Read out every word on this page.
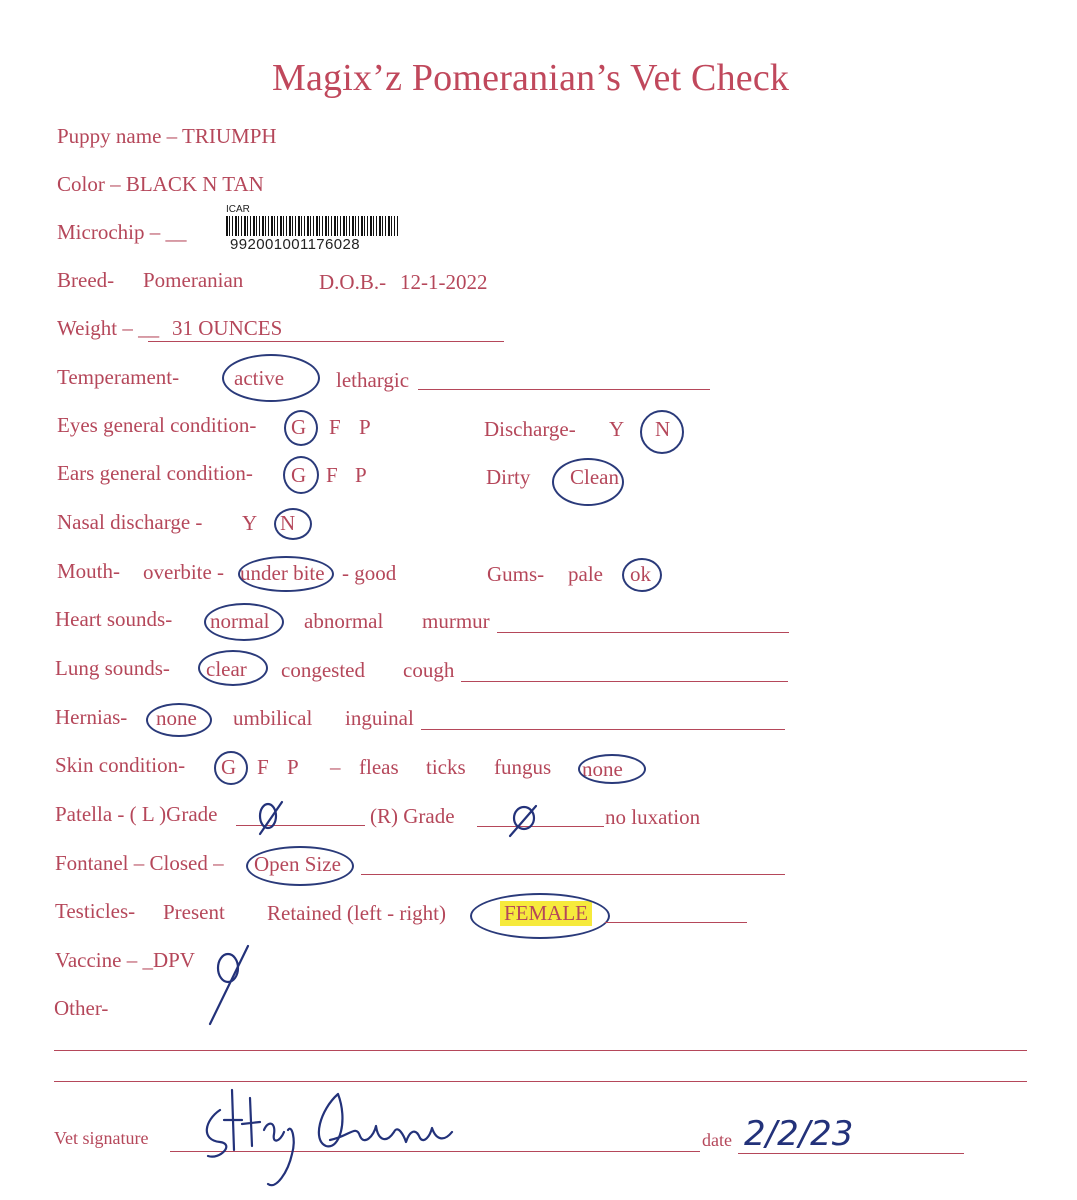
Magix’z Pomeranian’s Vet Check
Puppy name – TRIUMPH
Color – BLACK N TAN
Microchip – __
ICAR
992001001176028
Breed- Pomeranian	D.O.B.- 12-1-2022
Weight – __ 31 OUNCES
Temperament-	active lethargic
Eyes general condition- G F P	Discharge- Y N
Ears general condition- G F P	Dirty Clean
Nasal discharge - Y N
Mouth- overbite - under bite - good	Gums- pale ok
Heart sounds- normal abnormal murmur
Lung sounds- clear congested cough
Hernias- none umbilical inguinal
Skin condition- G F P – fleas ticks fungus none
Patella - ( L )Grade	(R) Grade	no luxation
Fontanel – Closed – Open Size
Testicles- Present Retained (left - right)	FEMALE
Vaccine – _DPV
Other-
Vet signature	date 2/2/23
